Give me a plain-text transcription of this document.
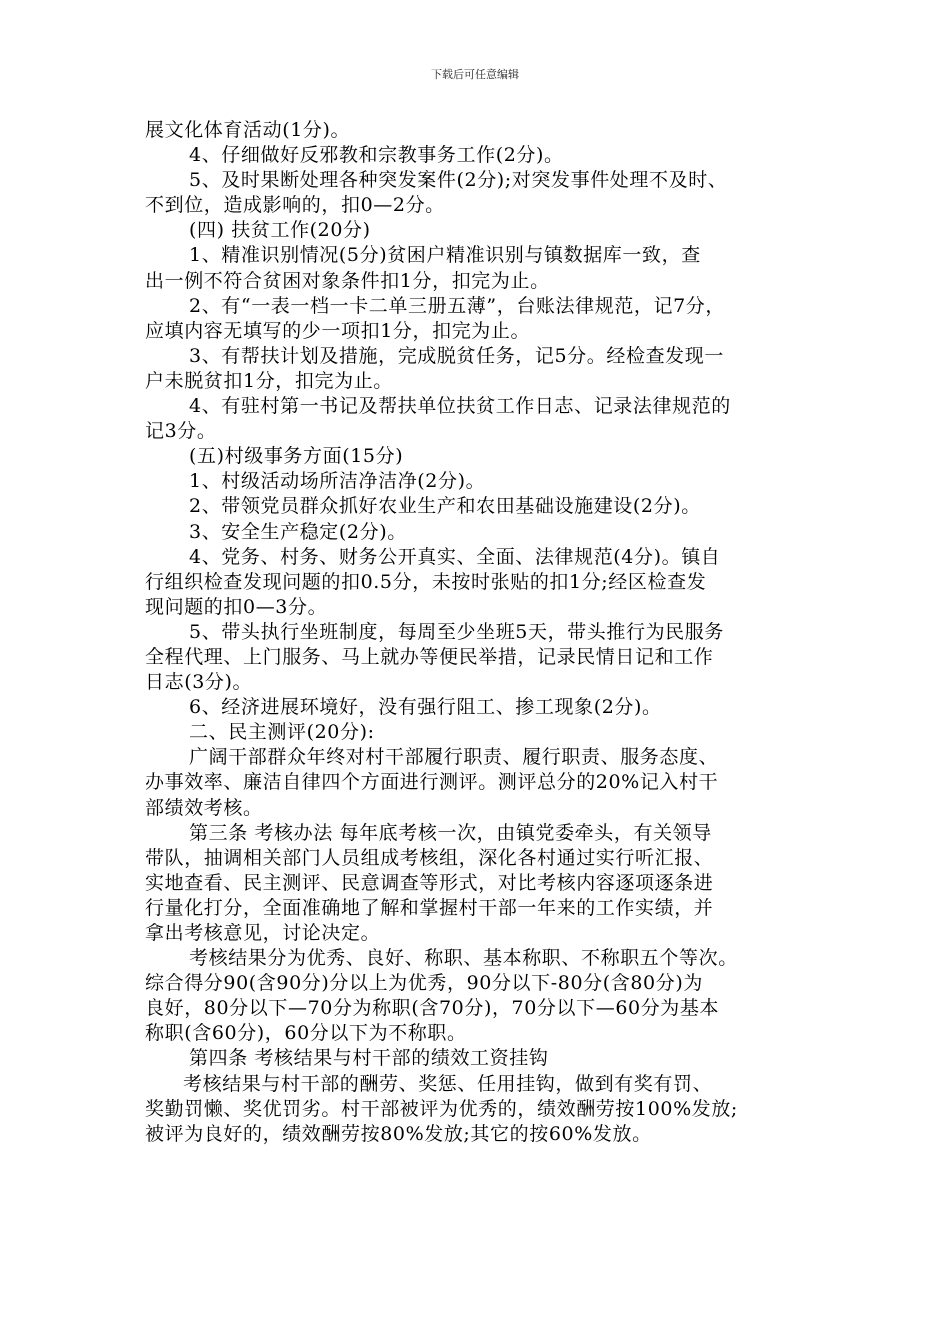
下载后可任意编辑

展文化体育活动(1分)。

4、仔细做好反邪教和宗教事务工作(2分)。

5、及时果断处理各种突发案件(2分);对突发事件处理不及时、

不到位，造成影响的，扣0—2分。

(四) 扶贫工作(20分)

1、精准识别情况(5分)贫困户精准识别与镇数据库一致，查

出一例不符合贫困对象条件扣1分，扣完为止。

2、有“一表一档一卡二单三册五薄”，台账法律规范，记7分，

应填内容无填写的少一项扣1分，扣完为止。

3、有帮扶计划及措施，完成脱贫任务，记5分。经检查发现一

户未脱贫扣1分，扣完为止。

4、有驻村第一书记及帮扶单位扶贫工作日志、记录法律规范的

记3分。

(五)村级事务方面(15分)

1、村级活动场所洁净洁净(2分)。

2、带领党员群众抓好农业生产和农田基础设施建设(2分)。

3、安全生产稳定(2分)。

4、党务、村务、财务公开真实、全面、法律规范(4分)。镇自

行组织检查发现问题的扣0.5分，未按时张贴的扣1分;经区检查发

现问题的扣0—3分。

5、带头执行坐班制度，每周至少坐班5天，带头推行为民服务

全程代理、上门服务、马上就办等便民举措，记录民情日记和工作

日志(3分)。

6、经济进展环境好，没有强行阻工、掺工现象(2分)。

二、民主测评(20分):

广阔干部群众年终对村干部履行职责、履行职责、服务态度、

办事效率、廉洁自律四个方面进行测评。测评总分的20%记入村干

部绩效考核。

第三条 考核办法 每年底考核一次，由镇党委牵头，有关领导

带队，抽调相关部门人员组成考核组，深化各村通过实行听汇报、

实地查看、民主测评、民意调查等形式，对比考核内容逐项逐条进

行量化打分，全面准确地了解和掌握村干部一年来的工作实绩，并

拿出考核意见，讨论决定。

考核结果分为优秀、良好、称职、基本称职、不称职五个等次。

综合得分90(含90分)分以上为优秀，90分以下-80分(含80分)为

良好，80分以下—70分为称职(含70分)，70分以下—60分为基本

称职(含60分)，60分以下为不称职。

第四条 考核结果与村干部的绩效工资挂钩

考核结果与村干部的酬劳、奖惩、任用挂钩，做到有奖有罚、

奖勤罚懒、奖优罚劣。村干部被评为优秀的，绩效酬劳按100%发放;

被评为良好的，绩效酬劳按80%发放;其它的按60%发放。
